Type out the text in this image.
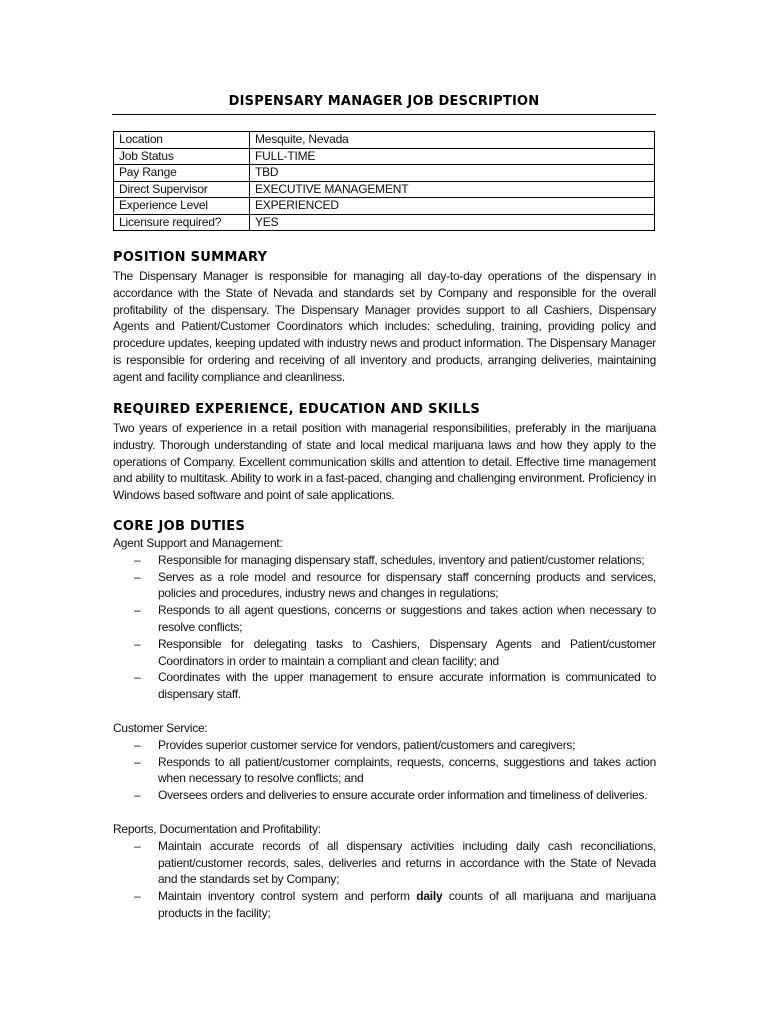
DISPENSARY MANAGER JOB DESCRIPTION
Location	Mesquite, Nevada
Job Status	FULL-TIME
Pay Range	TBD
Direct Supervisor	EXECUTIVE MANAGEMENT
Experience Level	EXPERIENCED
Licensure required?	YES
POSITION SUMMARY

The Dispensary Manager is responsible for managing all day-to-day operations of the dispensary in accordance with the State of Nevada and standards set by Company and responsible for the overall profitability of the dispensary. The Dispensary Manager provides support to all Cashiers, Dispensary Agents and Patient/Customer Coordinators which includes: scheduling, training, providing policy and procedure updates, keeping updated with industry news and product information. The Dispensary Manager is responsible for ordering and receiving of all inventory and products, arranging deliveries, maintaining agent and facility compliance and cleanliness.

REQUIRED EXPERIENCE, EDUCATION AND SKILLS

Two years of experience in a retail position with managerial responsibilities, preferably in the marijuana industry. Thorough understanding of state and local medical marijuana laws and how they apply to the operations of Company. Excellent communication skills and attention to detail. Effective time management and ability to multitask. Ability to work in a fast-paced, changing and challenging environment. Proficiency in Windows based software and point of sale applications.

CORE JOB DUTIES

Agent Support and Management:

– Responsible for managing dispensary staff, schedules, inventory and patient/customer relations;
– Serves as a role model and resource for dispensary staff concerning products and services, policies and procedures, industry news and changes in regulations;
– Responds to all agent questions, concerns or suggestions and takes action when necessary to resolve conflicts;
– Responsible for delegating tasks to Cashiers, Dispensary Agents and Patient/customer Coordinators in order to maintain a compliant and clean facility; and
– Coordinates with the upper management to ensure accurate information is communicated to dispensary staff.

Customer Service:

– Provides superior customer service for vendors, patient/customers and caregivers;
– Responds to all patient/customer complaints, requests, concerns, suggestions and takes action when necessary to resolve conflicts; and
– Oversees orders and deliveries to ensure accurate order information and timeliness of deliveries.

Reports, Documentation and Profitability:

– Maintain accurate records of all dispensary activities including daily cash reconciliations, patient/customer records, sales, deliveries and returns in accordance with the State of Nevada and the standards set by Company;
– Maintain inventory control system and perform daily counts of all marijuana and marijuana products in the facility;
